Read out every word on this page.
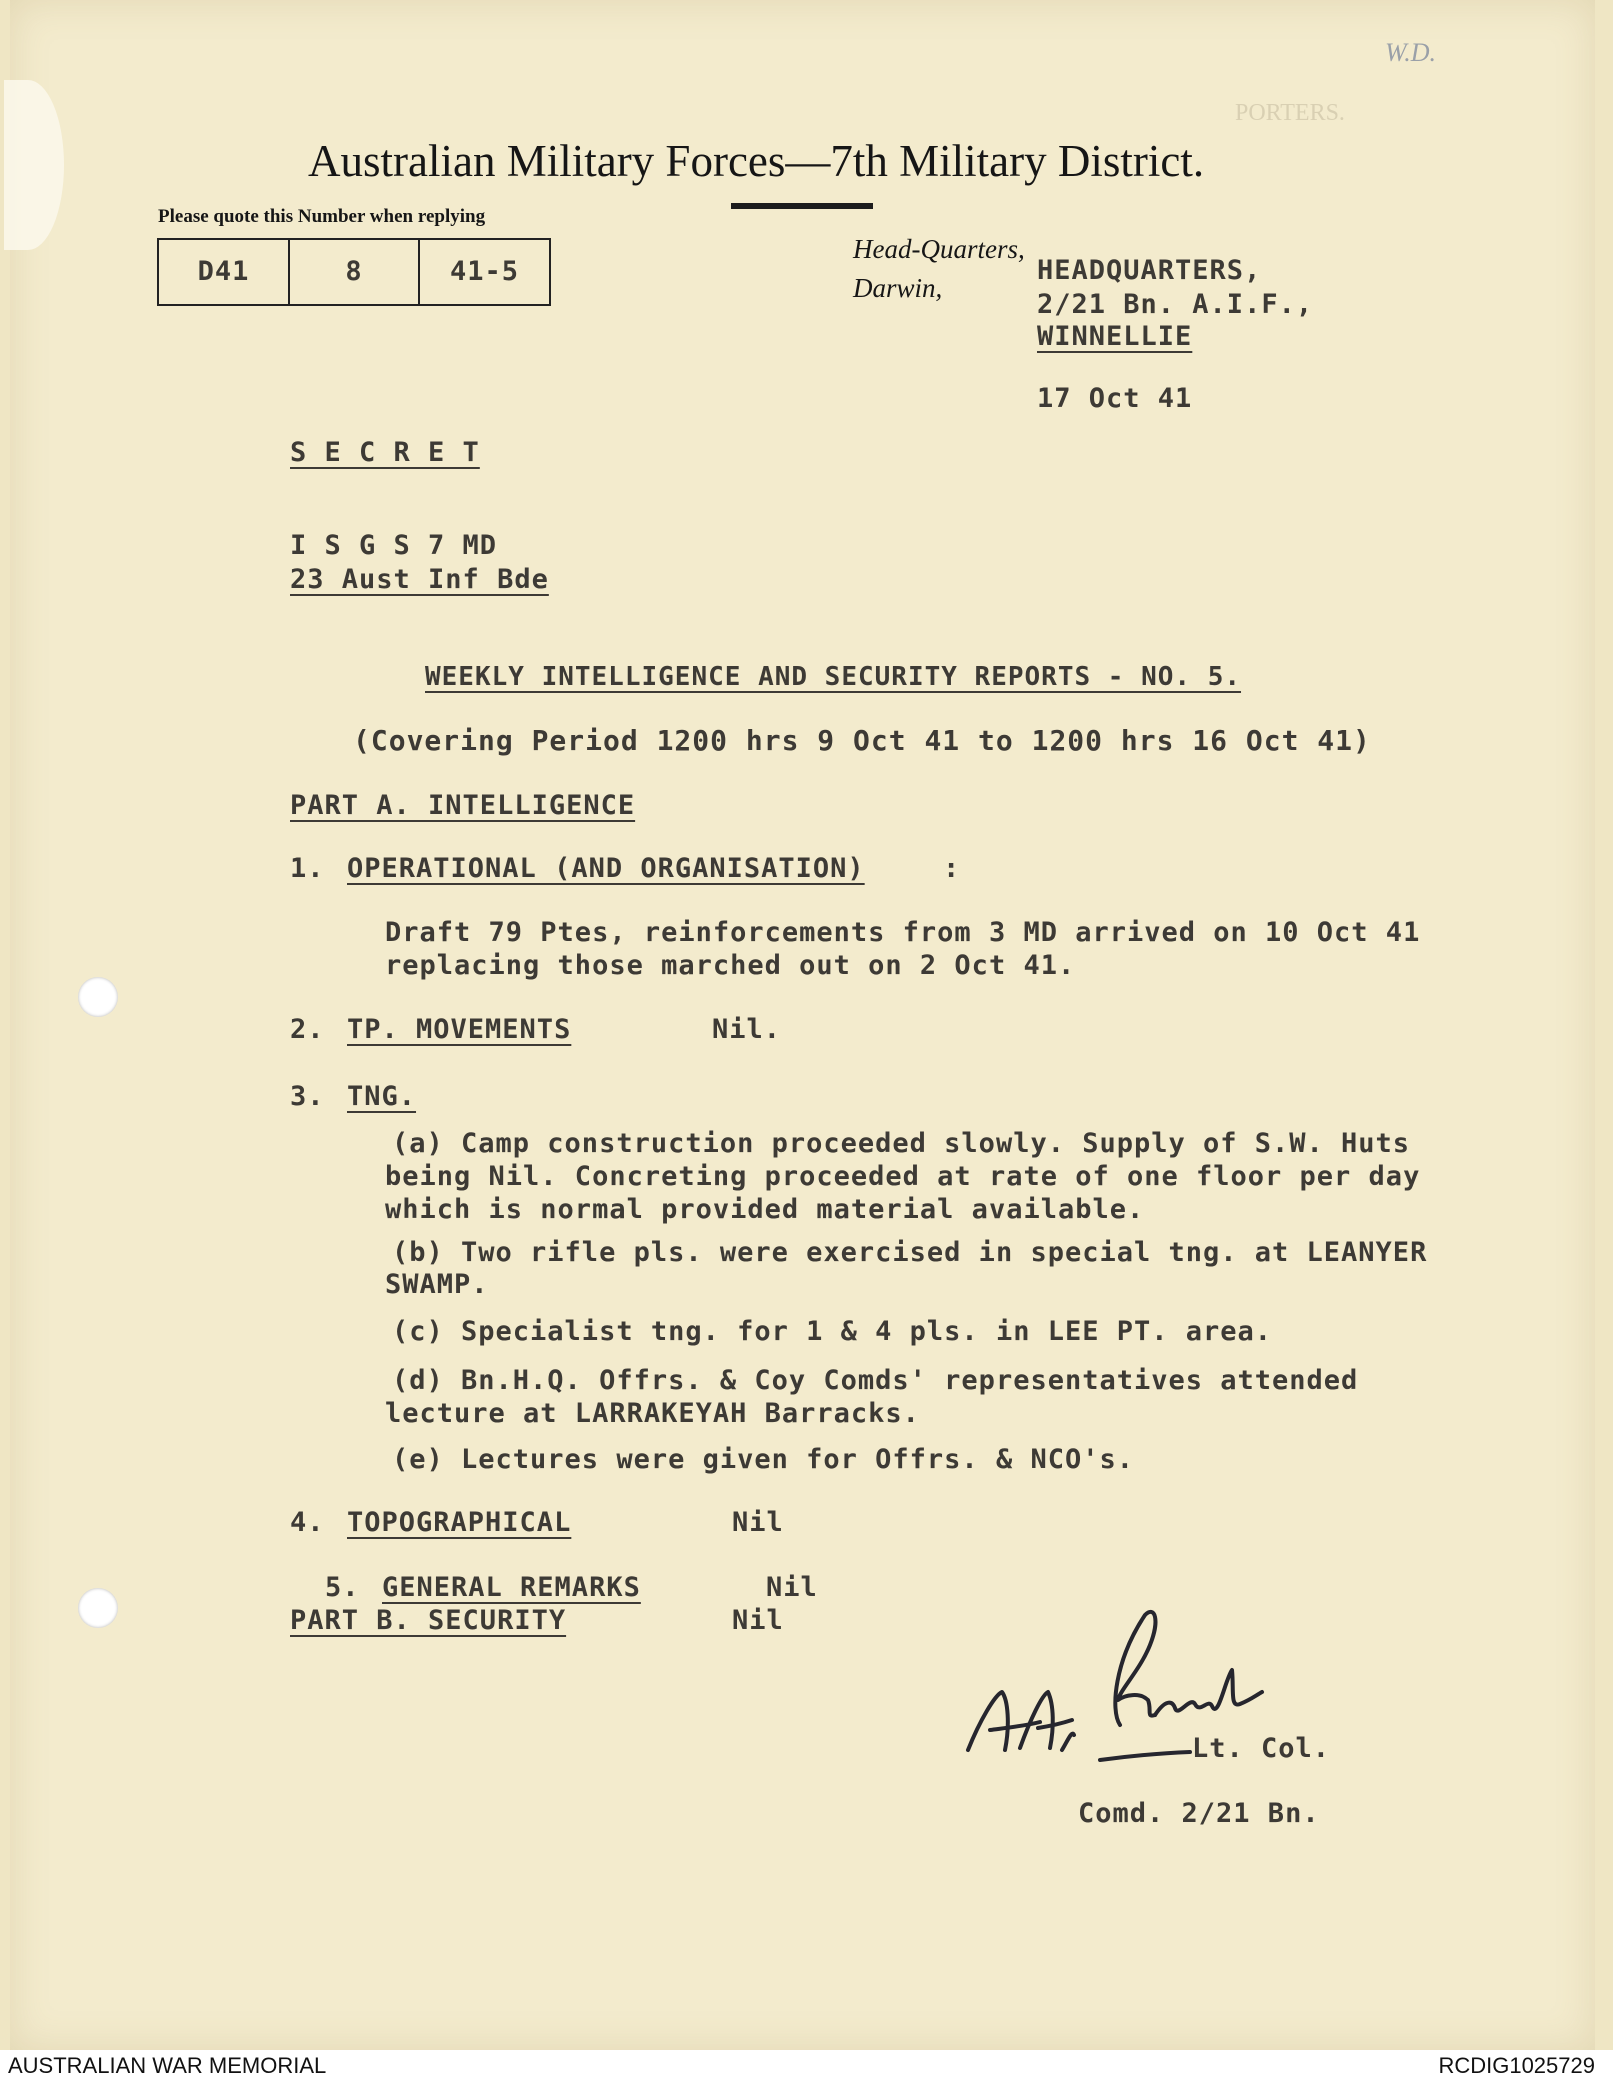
W.D.
PORTERS.
Australian Military Forces—7th Military District.
Please quote this Number when replying
D41	8	41-5
Head-Quarters,
Darwin,
HEADQUARTERS,
2/21 Bn. A.I.F.,
WINNELLIE
17 Oct 41
S E C R E T
I S G S 7 MD
23 Aust Inf Bde
WEEKLY INTELLIGENCE AND SECURITY REPORTS - NO. 5.
(Covering Period 1200 hrs 9 Oct 41 to 1200 hrs 16 Oct 41)
PART A. INTELLIGENCE
1. OPERATIONAL (AND ORGANISATION)	:
Draft 79 Ptes, reinforcements from 3 MD arrived on 10 Oct 41
replacing those marched out on 2 Oct 41.
2. TP. MOVEMENTS	Nil.
3. TNG.
(a) Camp construction proceeded slowly. Supply of S.W. Huts
being Nil. Concreting proceeded at rate of one floor per day
which is normal provided material available.
(b) Two rifle pls. were exercised in special tng. at LEANYER
SWAMP.
(c) Specialist tng. for 1 & 4 pls. in LEE PT. area.
(d) Bn.H.Q. Offrs. & Coy Comds' representatives attended
lecture at LARRAKEYAH Barracks.
(e) Lectures were given for Offrs. & NCO's.
4. TOPOGRAPHICAL	Nil
5. GENERAL REMARKS	Nil
PART B. SECURITY	Nil
Lt. Col.
Comd. 2/21 Bn.
AUSTRALIAN WAR MEMORIAL	RCDIG1025729
